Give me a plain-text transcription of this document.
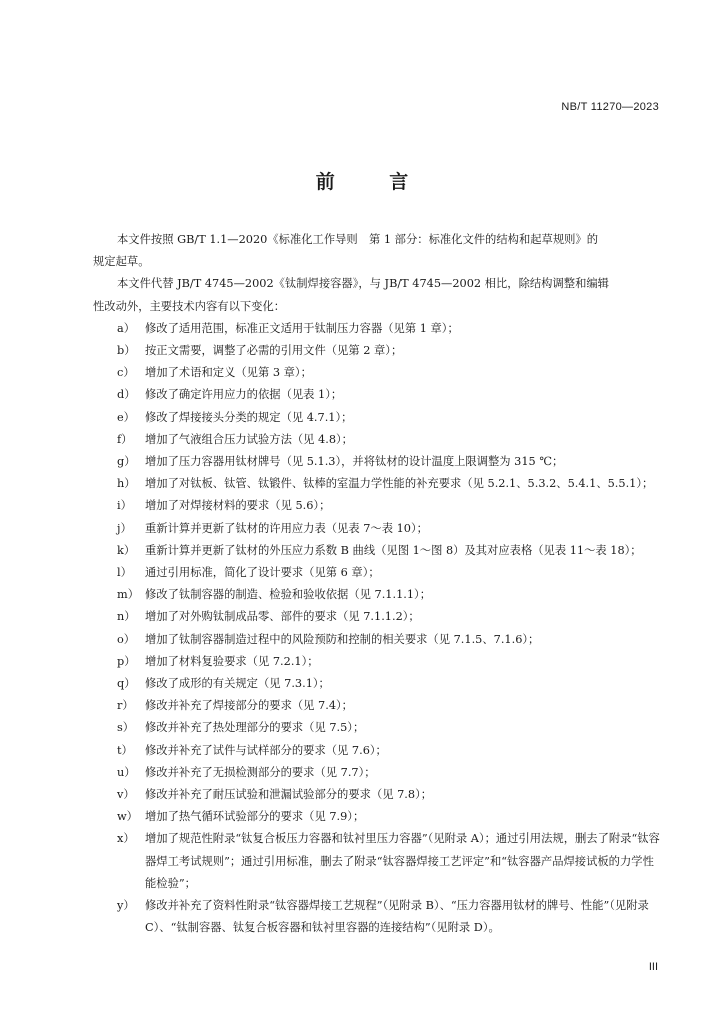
NB/T 11270—2023
前 言

本文件按照 GB/T 1.1—2020《标准化工作导则　第 1 部分：标准化文件的结构和起草规则》的
规定起草。

本文件代替 JB/T 4745—2002《钛制焊接容器》，与 JB/T 4745—2002 相比，除结构调整和编辑
性改动外，主要技术内容有以下变化：

a） 修改了适用范围，标准正文适用于钛制压力容器（见第 1 章）；
b） 按正文需要，调整了必需的引用文件（见第 2 章）；
c） 增加了术语和定义（见第 3 章）；
d） 修改了确定许用应力的依据（见表 1）；
e） 修改了焊接接头分类的规定（见 4.7.1）；
f）	增加了气液组合压力试验方法（见 4.8）；
g） 增加了压力容器用钛材牌号（见 5.1.3），并将钛材的设计温度上限调整为 315 ℃；
h） 增加了对钛板、钛管、钛锻件、钛棒的室温力学性能的补充要求（见 5.2.1、5.3.2、5.4.1、5.5.1）；
i）	增加了对焊接材料的要求（见 5.6）；
j）	重新计算并更新了钛材的许用应力表（见表 7～表 10）；
k） 重新计算并更新了钛材的外压应力系数 B 曲线（见图 1～图 8）及其对应表格（见表 11～表 18）；
l）	通过引用标准，简化了设计要求（见第 6 章）；
m） 修改了钛制容器的制造、检验和验收依据（见 7.1.1.1）；
n） 增加了对外购钛制成品零、部件的要求（见 7.1.1.2）；
o） 增加了钛制容器制造过程中的风险预防和控制的相关要求（见 7.1.5、7.1.6）；
p） 增加了材料复验要求（见 7.2.1）；
q） 修改了成形的有关规定（见 7.3.1）；
r） 修改并补充了焊接部分的要求（见 7.4）；
s） 修改并补充了热处理部分的要求（见 7.5）；
t）	修改并补充了试件与试样部分的要求（见 7.6）；
u） 修改并补充了无损检测部分的要求（见 7.7）；
v） 修改并补充了耐压试验和泄漏试验部分的要求（见 7.8）；
w） 增加了热气循环试验部分的要求（见 7.9）；
x） 增加了规范性附录“钛复合板压力容器和钛衬里压力容器”（见附录 A）；通过引用法规，删去了附录“钛容器焊工考试规则”；通过引用标准，删去了附录“钛容器焊接工艺评定”和“钛容器产品焊接试板的力学性能检验”；
y） 修改并补充了资料性附录“钛容器焊接工艺规程”（见附录 B）、“压力容器用钛材的牌号、性能”（见附录 C）、“钛制容器、钛复合板容器和钛衬里容器的连接结构”（见附录 D）。
III
